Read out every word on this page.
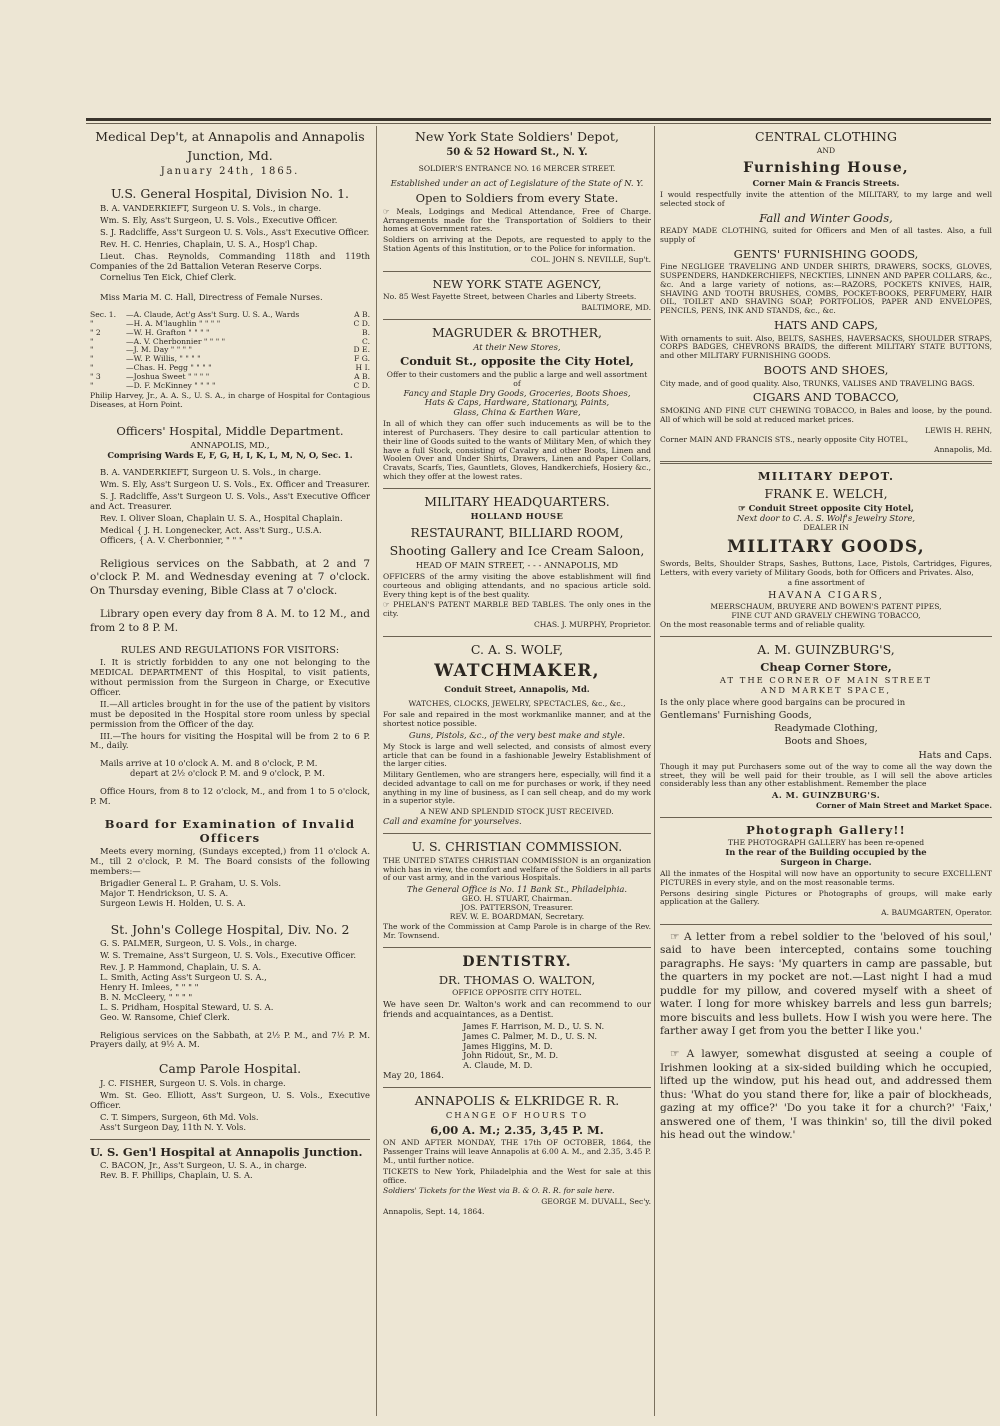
Medical Dep't, at Annapolis and Annapolis
Junction, Md.
January 24th, 1865.
U.S. General Hospital, Division No. 1.

B. A. VANDERKIEFT, Surgeon U. S. Vols., in charge.

Wm. S. Ely, Ass't Surgeon, U. S. Vols., Executive Officer.

S. J. Radcliffe, Ass't Surgeon U. S. Vols., Ass't Executive Officer.

Rev. H. C. Henries, Chaplain, U. S. A., Hosp'l Chap.

Lieut. Chas. Reynolds, Commanding 118th and 119th Companies of the 2d Battalion Veteran Reserve Corps.

Cornelius Ten Eick, Chief Clerk.

Miss Maria M. C. Hall, Directress of Female Nurses.

Sec. 1.	—A. Claude, Act'g Ass't Surg. U. S. A., Wards	A B.
"	—H. A. M'laughlin " " " "	C D.
" 2	—W. H. Grafton " " " "	B.
"	—A. V. Cherbonnier " " " "	C.
"	—J. M. Day " " " "	D E.
"	—W. P. Willis, " " " "	F G.
"	—Chas. H. Pegg " " " "	H I.
" 3	—Joshua Sweet " " " "	A B.
"	—D. F. McKinney " " " "	C D.

Philip Harvey, Jr., A. A. S., U. S. A., in charge of Hospital for Contagious Diseases, at Horn Point.

Officers' Hospital, Middle Department.
ANNAPOLIS, MD.,
Comprising Wards E, F, G, H, I, K, L, M, N, O, Sec. 1.

B. A. VANDERKIEFT, Surgeon U. S. Vols., in charge.

Wm. S. Ely, Ass't Surgeon U. S. Vols., Ex. Officer and Treasurer.

S. J. Radcliffe, Ass't Surgeon U. S. Vols., Ass't Executive Officer and Act. Treasurer.

Rev. I. Oliver Sloan, Chaplain U. S. A., Hospital Chaplain.

Medical { J. H. Longenecker, Act. Ass't Surg., U.S.A.

Officers, { A. V. Cherbonnier, " " "

Religious services on the Sabbath, at 2 and 7 o'clock P. M. and Wednesday evening at 7 o'clock. On Thursday evening, Bible Class at 7 o'clock.

Library open every day from 8 A. M. to 12 M., and from 2 to 8 P. M.

RULES AND REGULATIONS FOR VISITORS:

I. It is strictly forbidden to any one not belonging to the MEDICAL DEPARTMENT of this Hospital, to visit patients, without permission from the Surgeon in Charge, or Executive Officer.

II.—All articles brought in for the use of the patient by visitors must be deposited in the Hospital store room unless by special permission from the Officer of the day.

III.—The hours for visiting the Hospital will be from 2 to 6 P. M., daily.

Mails arrive at 10 o'clock A. M. and 8 o'clock, P. M.

depart at 2½ o'clock P. M. and 9 o'clock, P. M.

Office Hours, from 8 to 12 o'clock, M., and from 1 to 5 o'clock, P. M.

Board for Examination of Invalid Officers

Meets every morning, (Sundays excepted,) from 11 o'clock A. M., till 2 o'clock, P. M. The Board consists of the following members:—

Brigadier General L. P. Graham, U. S. Vols.

Major T. Hendrickson, U. S. A.

Surgeon Lewis H. Holden, U. S. A.

St. John's College Hospital, Div. No. 2

G. S. PALMER, Surgeon, U. S. Vols., in charge.

W. S. Tremaine, Ass't Surgeon, U. S. Vols., Executive Officer.

Rev. J. P. Hammond, Chaplain, U. S. A.

L. Smith, Acting Ass't Surgeon U. S. A.,

Henry H. Imlees, " " " "

B. N. McCleery, " " " "

L. S. Pridham, Hospital Steward, U. S. A.

Geo. W. Ransome, Chief Clerk.

Religious services on the Sabbath, at 2½ P. M., and 7½ P. M. Prayers daily, at 9½ A. M.

Camp Parole Hospital.

J. C. FISHER, Surgeon U. S. Vols. in charge.

Wm. St. Geo. Elliott, Ass't Surgeon, U. S. Vols., Executive Officer.

C. T. Simpers, Surgeon, 6th Md. Vols.

Ass't Surgeon Day, 11th N. Y. Vols.

U. S. Gen'l Hospital at Annapolis Junction.

C. BACON, Jr., Ass't Surgeon, U. S. A., in charge.

Rev. B. F. Phillips, Chaplain, U. S. A.

New York State Soldiers' Depot,
50 & 52 Howard St., N. Y.
SOLDIER'S ENTRANCE NO. 16 MERCER STREET.
Established under an act of Legislature of the State of N. Y.
Open to Soldiers from every State.

☞ Meals, Lodgings and Medical Attendance, Free of Charge. Arrangements made for the Transportation of Soldiers to their homes at Government rates.

Soldiers on arriving at the Depots, are requested to apply to the Station Agents of this Institution, or to the Police for information.

COL. JOHN S. NEVILLE, Sup't.

NEW YORK STATE AGENCY,

No. 85 West Fayette Street, between Charles and Liberty Streets.

BALTIMORE, MD.

MAGRUDER & BROTHER,
At their New Stores,
Conduit St., opposite the City Hotel,
Offer to their customers and the public a large and well assortment of
Fancy and Staple Dry Goods, Groceries, Boots Shoes,
Hats & Caps, Hardware, Stationary, Paints,
Glass, China & Earthen Ware,

In all of which they can offer such inducements as will be to the interest of Purchasers. They desire to call particular attention to their line of Goods suited to the wants of Military Men, of which they have a full Stock, consisting of Cavalry and other Boots, Linen and Woolen Over and Under Shirts, Drawers, Linen and Paper Collars, Cravats, Scarfs, Ties, Gauntlets, Gloves, Handkerchiefs, Hosiery &c., which they offer at the lowest rates.

MILITARY HEADQUARTERS.
HOLLAND HOUSE
RESTAURANT, BILLIARD ROOM,
Shooting Gallery and Ice Cream Saloon,
HEAD OF MAIN STREET, - - - ANNAPOLIS, MD

OFFICERS of the army visiting the above establishment will find courteous and obliging attendants, and no spacious article sold. Every thing kept is of the best quality.

☞ PHELAN'S PATENT MARBLE BED TABLES. The only ones in the city.

CHAS. J. MURPHY, Proprietor.

C. A. S. WOLF,
WATCHMAKER,
Conduit Street, Annapolis, Md.
WATCHES, CLOCKS, JEWELRY, SPECTACLES, &c., &c.,

For sale and repaired in the most workmanlike manner, and at the shortest notice possible.

Guns, Pistols, &c., of the very best make and style.

My Stock is large and well selected, and consists of almost every article that can be found in a fashionable Jewelry Establishment of the larger cities.

Military Gentlemen, who are strangers here, especially, will find it a decided advantage to call on me for purchases or work, if they need anything in my line of business, as I can sell cheap, and do my work in a superior style.

A NEW AND SPLENDID STOCK JUST RECEIVED.
Call and examine for yourselves.
U. S. CHRISTIAN COMMISSION.

THE UNITED STATES CHRISTIAN COMMISSION is an organization which has in view, the comfort and welfare of the Soldiers in all parts of our vast army, and in the various Hospitals.

The General Office is No. 11 Bank St., Philadelphia.
GEO. H. STUART, Chairman.
JOS. PATTERSON, Treasurer.
REV. W. E. BOARDMAN, Secretary.

The work of the Commission at Camp Parole is in charge of the Rev. Mr. Townsend.

DENTISTRY.
DR. THOMAS O. WALTON,
OFFICE OPPOSITE CITY HOTEL.

We have seen Dr. Walton's work and can recommend to our friends and acquaintances, as a Dentist.

James F. Harrison, M. D., U. S. N.
James C. Palmer, M. D., U. S. N.
James Higgins, M. D.
John Ridout, Sr., M. D.
A. Claude, M. D.
May 20, 1864.
ANNAPOLIS & ELKRIDGE R. R.
CHANGE OF HOURS TO
6,00 A. M.; 2.35, 3,45 P. M.

ON AND AFTER MONDAY, THE 17th OF OCTOBER, 1864, the Passenger Trains will leave Annapolis at 6.00 A. M., and 2.35, 3.45 P. M., until further notice.

TICKETS to New York, Philadelphia and the West for sale at this office.

Soldiers' Tickets for the West via B. & O. R. R. for sale here.

GEORGE M. DUVALL, Sec'y.

Annapolis, Sept. 14, 1864.

CENTRAL CLOTHING
AND
Furnishing House,
Corner Main & Francis Streets.

I would respectfully invite the attention of the MILITARY, to my large and well selected stock of

Fall and Winter Goods,

READY MADE CLOTHING, suited for Officers and Men of all tastes. Also, a full supply of

GENTS' FURNISHING GOODS,

Fine NEGLIGEE TRAVELING AND UNDER SHIRTS, DRAWERS, SOCKS, GLOVES, SUSPENDERS, HANDKERCHIEFS, NECKTIES, LINNEN AND PAPER COLLARS, &c., &c. And a large variety of notions, as:—RAZORS, POCKETS KNIVES, HAIR, SHAVING AND TOOTH BRUSHES, COMBS, POCKET-BOOKS, PERFUMERY, HAIR OIL, TOILET AND SHAVING SOAP, PORTFOLIOS, PAPER AND ENVELOPES, PENCILS, PENS, INK AND STANDS, &c., &c.

HATS AND CAPS,

With ornaments to suit. Also, BELTS, SASHES, HAVERSACKS, SHOULDER STRAPS, CORPS BADGES, CHEVRONS BRAIDS, the different MILITARY STATE BUTTONS, and other MILITARY FURNISHING GOODS.

BOOTS AND SHOES,

City made, and of good quality. Also, TRUNKS, VALISES AND TRAVELING BAGS.

CIGARS AND TOBACCO,

SMOKING AND FINE CUT CHEWING TOBACCO, in Bales and loose, by the pound. All of which will be sold at reduced market prices.

LEWIS H. REHN,

Corner MAIN AND FRANCIS STS., nearly opposite City HOTEL,

Annapolis, Md.

MILITARY DEPOT.
FRANK E. WELCH,
☞ Conduit Street opposite City Hotel,
Next door to C. A. S. Wolf's Jewelry Store,
DEALER IN
MILITARY GOODS,

Swords, Belts, Shoulder Straps, Sashes, Buttons, Lace, Pistols, Cartridges, Figures, Letters, with every variety of Military Goods, both for Officers and Privates. Also,

a fine assortment of
HAVANA CIGARS,
MEERSCHAUM, BRUYERE AND BOWEN'S PATENT PIPES,
FINE CUT AND GRAVELY CHEWING TOBACCO,
On the most reasonable terms and of reliable quality.
A. M. GUINZBURG'S,
Cheap Corner Store,
AT THE CORNER OF MAIN STREET
AND MARKET SPACE,

Is the only place where good bargains can be procured in

Gentlemans' Furnishing Goods,
Readymade Clothing,
Boots and Shoes,
Hats and Caps.

Though it may put Purchasers some out of the way to come all the way down the street, they will be well paid for their trouble, as I will sell the above articles considerably less than any other establishment. Remember the place

A. M. GUINZBURG'S.
Corner of Main Street and Market Space.
Photograph Gallery!!
THE PHOTOGRAPH GALLERY has been re-opened
In the rear of the Building occupied by the
Surgeon in Charge.

All the inmates of the Hospital will now have an opportunity to secure EXCELLENT PICTURES in every style, and on the most reasonable terms.

Persons desiring single Pictures or Photographs of groups, will make early application at the Gallery.

A. BAUMGARTEN, Operator.

☞ A letter from a rebel soldier to the 'beloved of his soul,' said to have been intercepted, contains some touching paragraphs. He says: 'My quarters in camp are passable, but the quarters in my pocket are not.—Last night I had a mud puddle for my pillow, and covered myself with a sheet of water. I long for more whiskey barrels and less gun barrels; more biscuits and less bullets. How I wish you were here. The farther away I get from you the better I like you.'

☞ A lawyer, somewhat disgusted at seeing a couple of Irishmen looking at a six-sided building which he occupied, lifted up the window, put his head out, and addressed them thus: 'What do you stand there for, like a pair of blockheads, gazing at my office?' 'Do you take it for a church?' 'Faix,' answered one of them, 'I was thinkin' so, till the divil poked his head out the window.'
